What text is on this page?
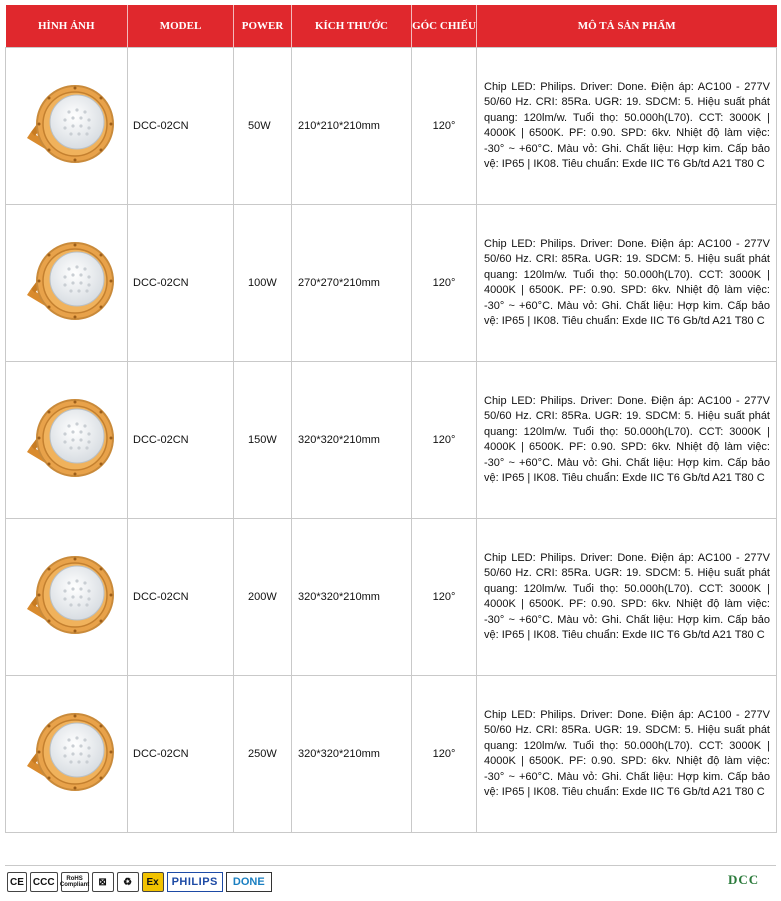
HÌNH ẢNH	MODEL	POWER	KÍCH THƯỚC	GÓC CHIẾU	MÔ TẢ SẢN PHẨM

	DCC-02CN	50W	210*210*210mm	120°	Chip LED: Philips. Driver: Done. Điện áp: AC100 - 277V 50/60 Hz. CRI: 85Ra. UGR: 19. SDCM: 5. Hiệu suất phát quang: 120lm/w. Tuổi thọ: 50.000h(L70). CCT: 3000K | 4000K | 6500K. PF: 0.90. SPD: 6kv. Nhiệt độ làm việc: -30° ~ +60°C. Màu vỏ: Ghi. Chất liệu: Hợp kim. Cấp bảo vệ: IP65 | IK08. Tiêu chuẩn: Exde IIC T6 Gb/td A21 T80 C

	DCC-02CN	100W	270*270*210mm	120°	Chip LED: Philips. Driver: Done. Điện áp: AC100 - 277V 50/60 Hz. CRI: 85Ra. UGR: 19. SDCM: 5. Hiệu suất phát quang: 120lm/w. Tuổi thọ: 50.000h(L70). CCT: 3000K | 4000K | 6500K. PF: 0.90. SPD: 6kv. Nhiệt độ làm việc: -30° ~ +60°C. Màu vỏ: Ghi. Chất liệu: Hợp kim. Cấp bảo vệ: IP65 | IK08. Tiêu chuẩn: Exde IIC T6 Gb/td A21 T80 C

	DCC-02CN	150W	320*320*210mm	120°	Chip LED: Philips. Driver: Done. Điện áp: AC100 - 277V 50/60 Hz. CRI: 85Ra. UGR: 19. SDCM: 5. Hiệu suất phát quang: 120lm/w. Tuổi thọ: 50.000h(L70). CCT: 3000K | 4000K | 6500K. PF: 0.90. SPD: 6kv. Nhiệt độ làm việc: -30° ~ +60°C. Màu vỏ: Ghi. Chất liệu: Hợp kim. Cấp bảo vệ: IP65 | IK08. Tiêu chuẩn: Exde IIC T6 Gb/td A21 T80 C

	DCC-02CN	200W	320*320*210mm	120°	Chip LED: Philips. Driver: Done. Điện áp: AC100 - 277V 50/60 Hz. CRI: 85Ra. UGR: 19. SDCM: 5. Hiệu suất phát quang: 120lm/w. Tuổi thọ: 50.000h(L70). CCT: 3000K | 4000K | 6500K. PF: 0.90. SPD: 6kv. Nhiệt độ làm việc: -30° ~ +60°C. Màu vỏ: Ghi. Chất liệu: Hợp kim. Cấp bảo vệ: IP65 | IK08. Tiêu chuẩn: Exde IIC T6 Gb/td A21 T80 C

	DCC-02CN	250W	320*320*210mm	120°	Chip LED: Philips. Driver: Done. Điện áp: AC100 - 277V 50/60 Hz. CRI: 85Ra. UGR: 19. SDCM: 5. Hiệu suất phát quang: 120lm/w. Tuổi thọ: 50.000h(L70). CCT: 3000K | 4000K | 6500K. PF: 0.90. SPD: 6kv. Nhiệt độ làm việc: -30° ~ +60°C. Màu vỏ: Ghi. Chất liệu: Hợp kim. Cấp bảo vệ: IP65 | IK08. Tiêu chuẩn: Exde IIC T6 Gb/td A21 T80 C
CE CCC	RoHS Compliant ⊠	♻	Ex	PHILIPS	DONE	DCC
